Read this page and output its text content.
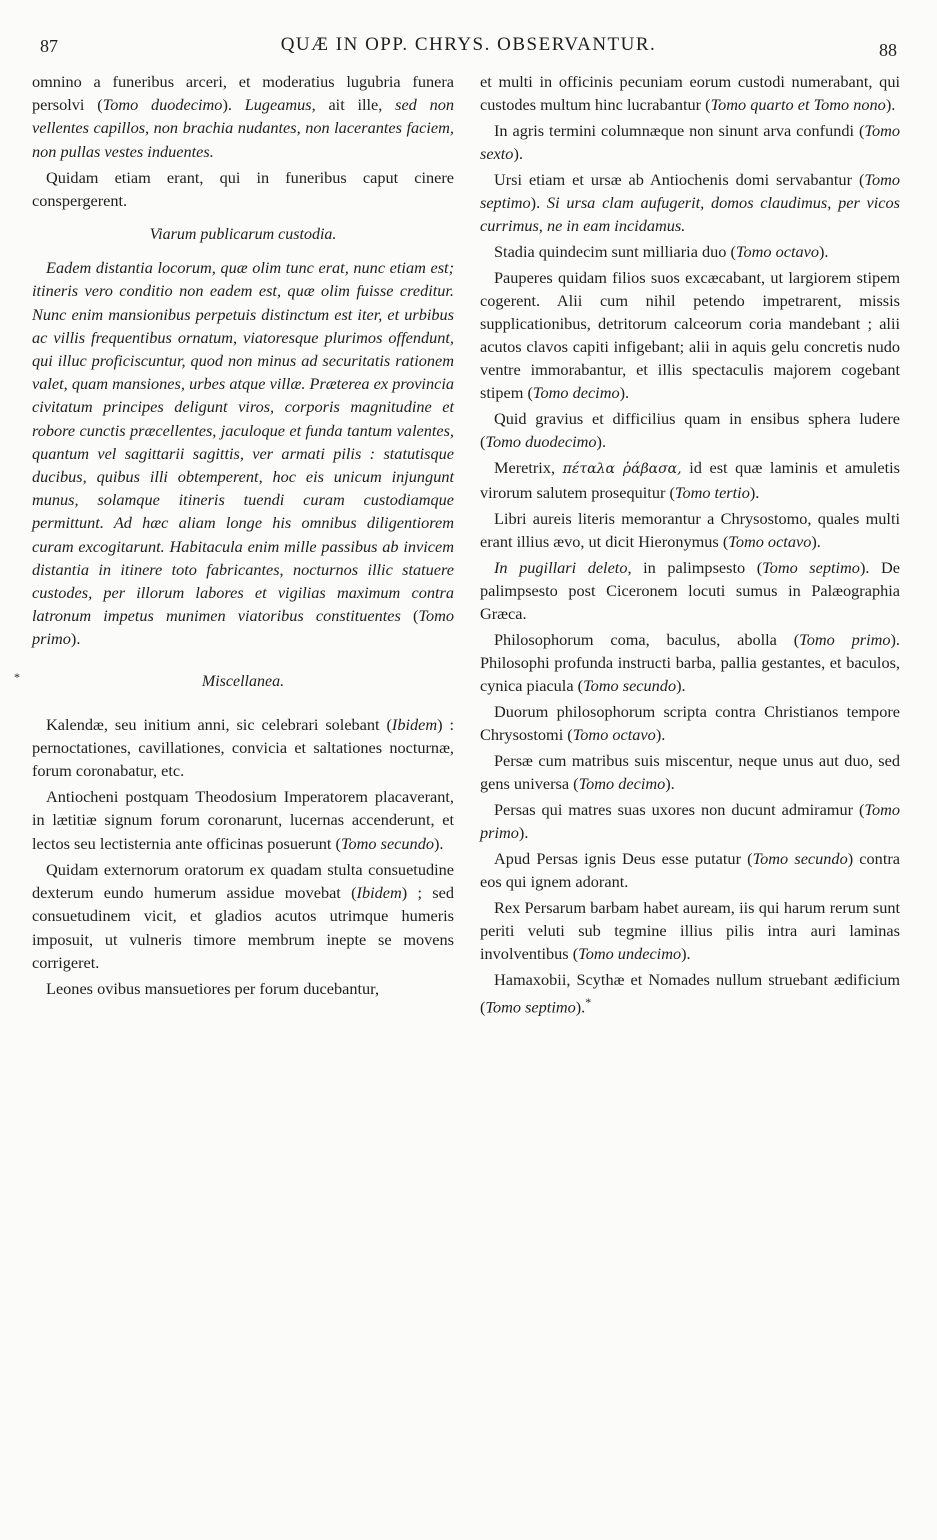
87	QUÆ IN OPP. CHRYS. OBSERVANTUR.	88
*

omnino a funeribus arceri, et moderatius lugubria funera persolvi (Tomo duodecimo). Lugeamus, ait ille, sed non vellentes capillos, non brachia nudantes, non lacerantes faciem, non pullas vestes induentes.

Quidam etiam erant, qui in funeribus caput cinere conspergerent.

Viarum publicarum custodia.

Eadem distantia locorum, quæ olim tunc erat, nunc etiam est; itineris vero conditio non eadem est, quæ olim fuisse creditur. Nunc enim mansionibus perpetuis distinctum est iter, et urbibus ac villis frequentibus ornatum, viatoresque plurimos offendunt, qui illuc proficiscuntur, quod non minus ad securitatis rationem valet, quam mansiones, urbes atque villæ. Præterea ex provincia civitatum principes deligunt viros, corporis magnitudine et robore cunctis præcellentes, jaculoque et funda tantum valentes, quantum vel sagittarii sagittis, ver armati pilis : statutisque ducibus, quibus illi obtemperent, hoc eis unicum injungunt munus, solamque itineris tuendi curam custodiamque permittunt. Ad hæc aliam longe his omnibus diligentiorem curam excogitarunt. Habitacula enim mille passibus ab invicem distantia in itinere toto fabricantes, nocturnos illic statuere custodes, per illorum labores et vigilias maximum contra latronum impetus munimen viatoribus constituentes (Tomo primo).

Miscellanea.

Kalendæ, seu initium anni, sic celebrari solebant (Ibidem) : pernoctationes, cavillationes, convicia et saltationes nocturnæ, forum coronabatur, etc.

Antiocheni postquam Theodosium Imperatorem placaverant, in lætitiæ signum forum coronarunt, lucernas accenderunt, et lectos seu lectisternia ante officinas posuerunt (Tomo secundo).

Quidam externorum oratorum ex quadam stulta consuetudine dexterum eundo humerum assidue movebat (Ibidem) ; sed consuetudinem vicit, et gladios acutos utrimque humeris imposuit, ut vulneris timore membrum inepte se movens corrigeret.

Leones ovibus mansuetiores per forum ducebantur,

et multi in officinis pecuniam eorum custodi numerabant, qui custodes multum hinc lucrabantur (Tomo quarto et Tomo nono).

In agris termini columnæque non sinunt arva confundi (Tomo sexto).

Ursi etiam et ursæ ab Antiochenis domi servabantur (Tomo septimo). Si ursa clam aufugerit, domos claudimus, per vicos currimus, ne in eam incidamus.

Stadia quindecim sunt milliaria duo (Tomo octavo).

Pauperes quidam filios suos excæcabant, ut largiorem stipem cogerent. Alii cum nihil petendo impetrarent, missis supplicationibus, detritorum calceorum coria mandebant ; alii acutos clavos capiti infigebant; alii in aquis gelu concretis nudo ventre immorabantur, et illis spectaculis majorem cogebant stipem (Tomo decimo).

Quid gravius et difficilius quam in ensibus sphera ludere (Tomo duodecimo).

Meretrix, πέταλα ῥάβασα, id est quæ laminis et amuletis virorum salutem prosequitur (Tomo tertio).

Libri aureis literis memorantur a Chrysostomo, quales multi erant illius ævo, ut dicit Hieronymus (Tomo octavo).

In pugillari deleto, in palimpsesto (Tomo septimo). De palimpsesto post Ciceronem locuti sumus in Palæographia Græca.

Philosophorum coma, baculus, abolla (Tomo primo). Philosophi profunda instructi barba, pallia gestantes, et baculos, cynica piacula (Tomo secundo).

Duorum philosophorum scripta contra Christianos tempore Chrysostomi (Tomo octavo).

Persæ cum matribus suis miscentur, neque unus aut duo, sed gens universa (Tomo decimo).

Persas qui matres suas uxores non ducunt admiramur (Tomo primo).

Apud Persas ignis Deus esse putatur (Tomo secundo) contra eos qui ignem adorant.

Rex Persarum barbam habet auream, iis qui harum rerum sunt periti veluti sub tegmine illius pilis intra auri laminas involventibus (Tomo undecimo).

Hamaxobii, Scythæ et Nomades nullum struebant ædificium (Tomo septimo).*
